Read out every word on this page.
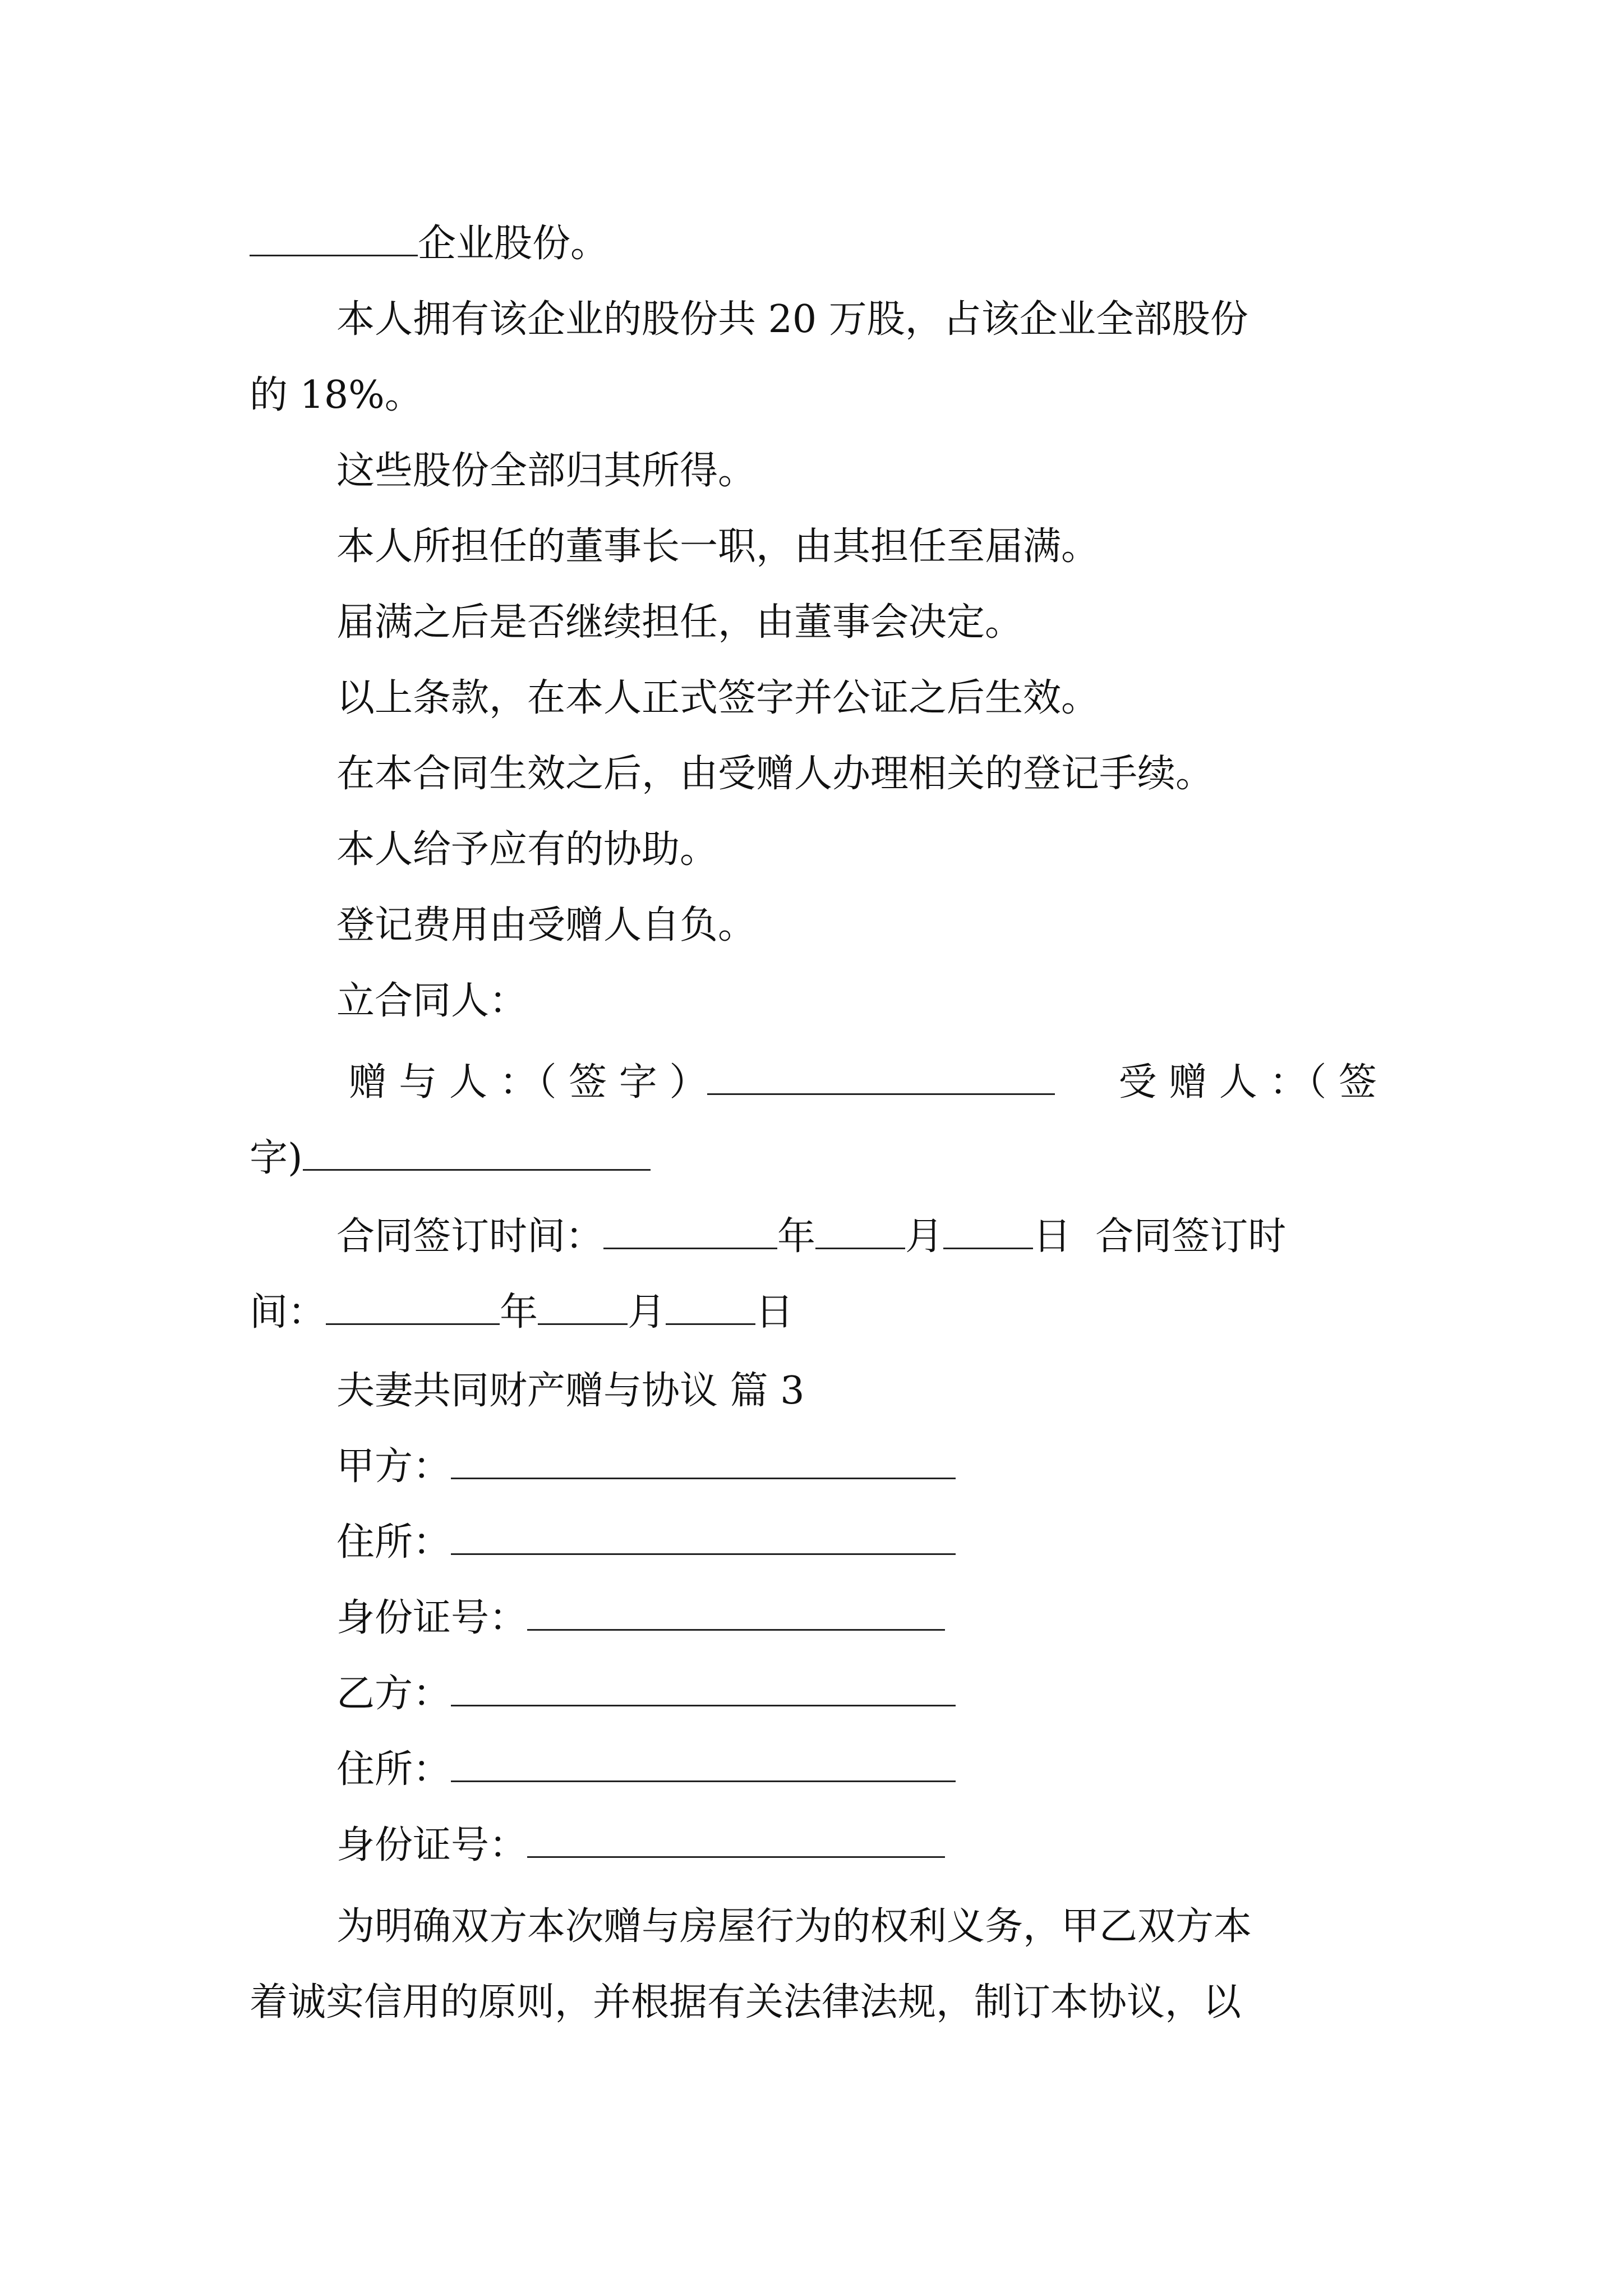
企业股份。
本人拥有该企业的股份共 20 万股，占该企业全部股份
的 18%。
这些股份全部归其所得。
本人所担任的董事长一职，由其担任至届满。
届满之后是否继续担任，由董事会决定。
以上条款，在本人正式签字并公证之后生效。
在本合同生效之后，由受赠人办理相关的登记手续。
本人给予应有的协助。
登记费用由受赠人自负。
立合同人：
赠 与 人 ：（ 签 字 ）	受 赠 人 ：（ 签
字)
合同签订时间：	年 月 日 合同签订时
间：	年 月 日
夫妻共同财产赠与协议 篇 3
甲方：
住所：
身份证号：
乙方：
住所：
身份证号：
为明确双方本次赠与房屋行为的权利义务，甲乙双方本
着诚实信用的原则，并根据有关法律法规，制订本协议，以
